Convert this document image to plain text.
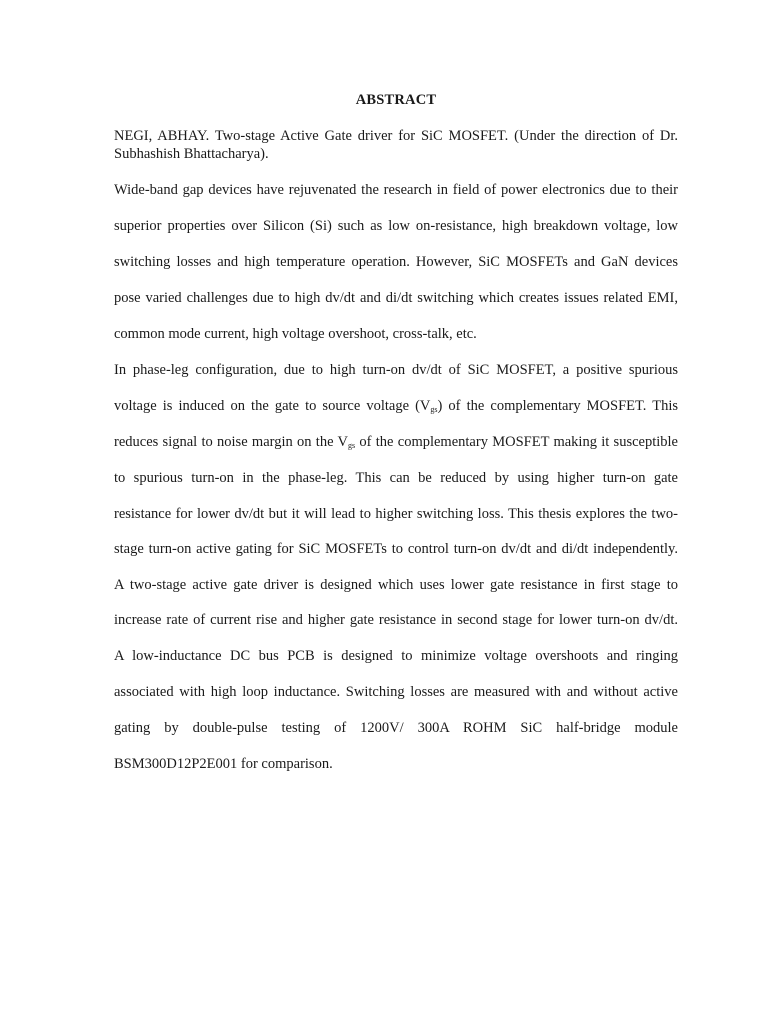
ABSTRACT
NEGI, ABHAY. Two-stage Active Gate driver for SiC MOSFET. (Under the direction of Dr.
Subhashish Bhattacharya).
Wide-band gap devices have rejuvenated the research in field of power electronics due to their
superior properties over Silicon (Si) such as low on-resistance, high breakdown voltage, low
switching losses and high temperature operation. However, SiC MOSFETs and GaN devices
pose varied challenges due to high dv/dt and di/dt switching which creates issues related EMI,
common mode current, high voltage overshoot, cross-talk, etc.
In phase-leg configuration, due to high turn-on dv/dt of SiC MOSFET, a positive spurious
voltage is induced on the gate to source voltage $(V_{gs})$ of the complementary MOSFET. This
reduces signal to noise margin on the $V_{gs}$ of the complementary MOSFET making it susceptible
to spurious turn-on in the phase-leg. This can be reduced by using higher turn-on gate
resistance for lower dv/dt but it will lead to higher switching loss. This thesis explores the two-
stage turn-on active gating for SiC MOSFETs to control turn-on dv/dt and di/dt independently.
A two-stage active gate driver is designed which uses lower gate resistance in first stage to
increase rate of current rise and higher gate resistance in second stage for lower turn-on dv/dt.
A low-inductance DC bus PCB is designed to minimize voltage overshoots and ringing
associated with high loop inductance. Switching losses are measured with and without active
gating by double-pulse testing of 1200V/ 300A ROHM SiC half-bridge module
BSM300D12P2E001 for comparison.
